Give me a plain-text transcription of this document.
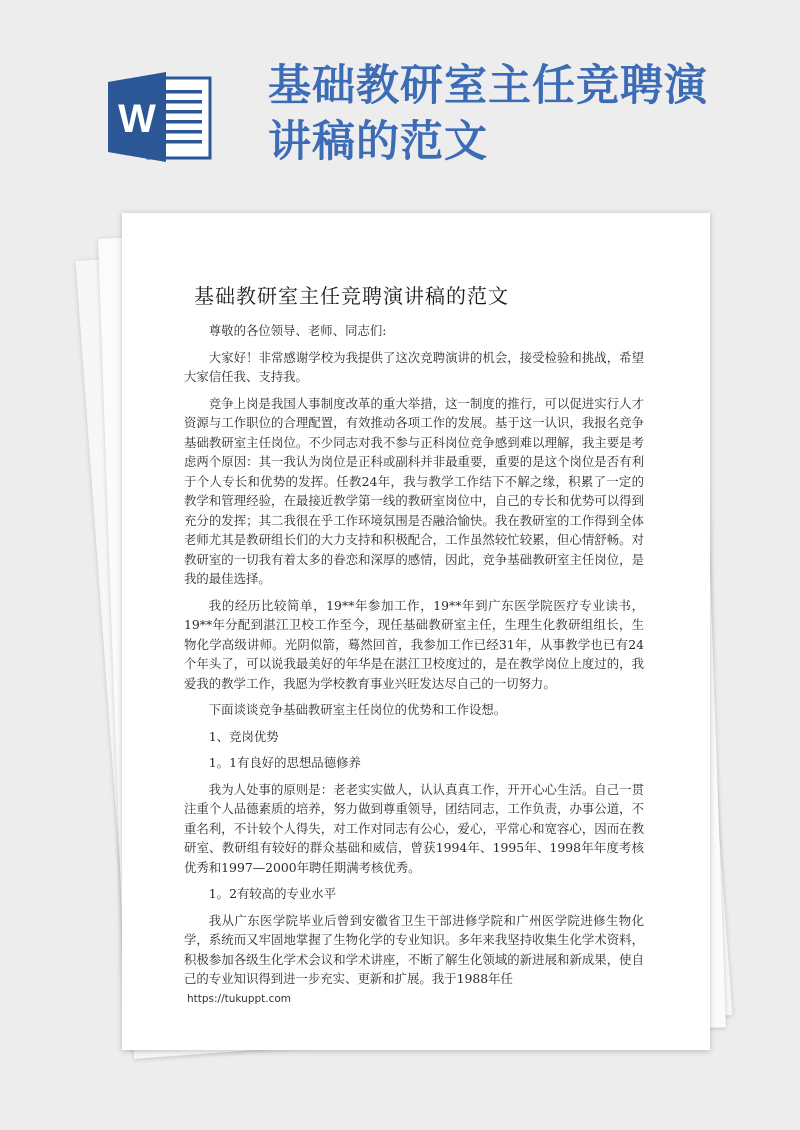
W
基础教研室主任竞聘演讲稿的范文
基础教研室主任竞聘演讲稿的范文

尊敬的各位领导、老师、同志们:

大家好！非常感谢学校为我提供了这次竞聘演讲的机会，接受检验和挑战，希望大家信任我、支持我。

竞争上岗是我国人事制度改革的重大举措，这一制度的推行，可以促进实行人才资源与工作职位的合理配置，有效推动各项工作的发展。基于这一认识，我报名竞争基础教研室主任岗位。不少同志对我不参与正科岗位竞争感到难以理解，我主要是考虑两个原因：其一我认为岗位是正科或副科并非最重要，重要的是这个岗位是否有利于个人专长和优势的发挥。任教24年，我与教学工作结下不解之缘，积累了一定的教学和管理经验，在最接近教学第一线的教研室岗位中，自己的专长和优势可以得到充分的发挥；其二我很在乎工作环境氛围是否融洽愉快。我在教研室的工作得到全体老师尤其是教研组长们的大力支持和积极配合，工作虽然较忙较累，但心情舒畅。对教研室的一切我有着太多的眷恋和深厚的感情，因此，竞争基础教研室主任岗位，是我的最佳选择。

我的经历比较简单，19**年参加工作，19**年到广东医学院医疗专业读书，19**年分配到湛江卫校工作至今，现任基础教研室主任，生理生化教研组组长，生物化学高级讲师。光阴似箭，蓦然回首，我参加工作已经31年，从事教学也已有24个年头了，可以说我最美好的年华是在湛江卫校度过的，是在教学岗位上度过的，我爱我的教学工作，我愿为学校教育事业兴旺发达尽自己的一切努力。

下面谈谈竞争基础教研室主任岗位的优势和工作设想。

1、竞岗优势

1。1有良好的思想品德修养

我为人处事的原则是：老老实实做人，认认真真工作，开开心心生活。自己一贯注重个人品德素质的培养，努力做到尊重领导，团结同志，工作负责，办事公道，不重名利，不计较个人得失，对工作对同志有公心，爱心，平常心和宽容心，因而在教研室、教研组有较好的群众基础和威信，曾获1994年、1995年、1998年年度考核优秀和1997—2000年聘任期满考核优秀。

1。2有较高的专业水平

我从广东医学院毕业后曾到安徽省卫生干部进修学院和广州医学院进修生物化学，系统而又牢固地掌握了生物化学的专业知识。多年来我坚持收集生化学术资料，积极参加各级生化学术会议和学术讲座，不断了解生化领域的新进展和新成果，使自己的专业知识得到进一步充实、更新和扩展。我于1988年任

https://tukuppt.com
